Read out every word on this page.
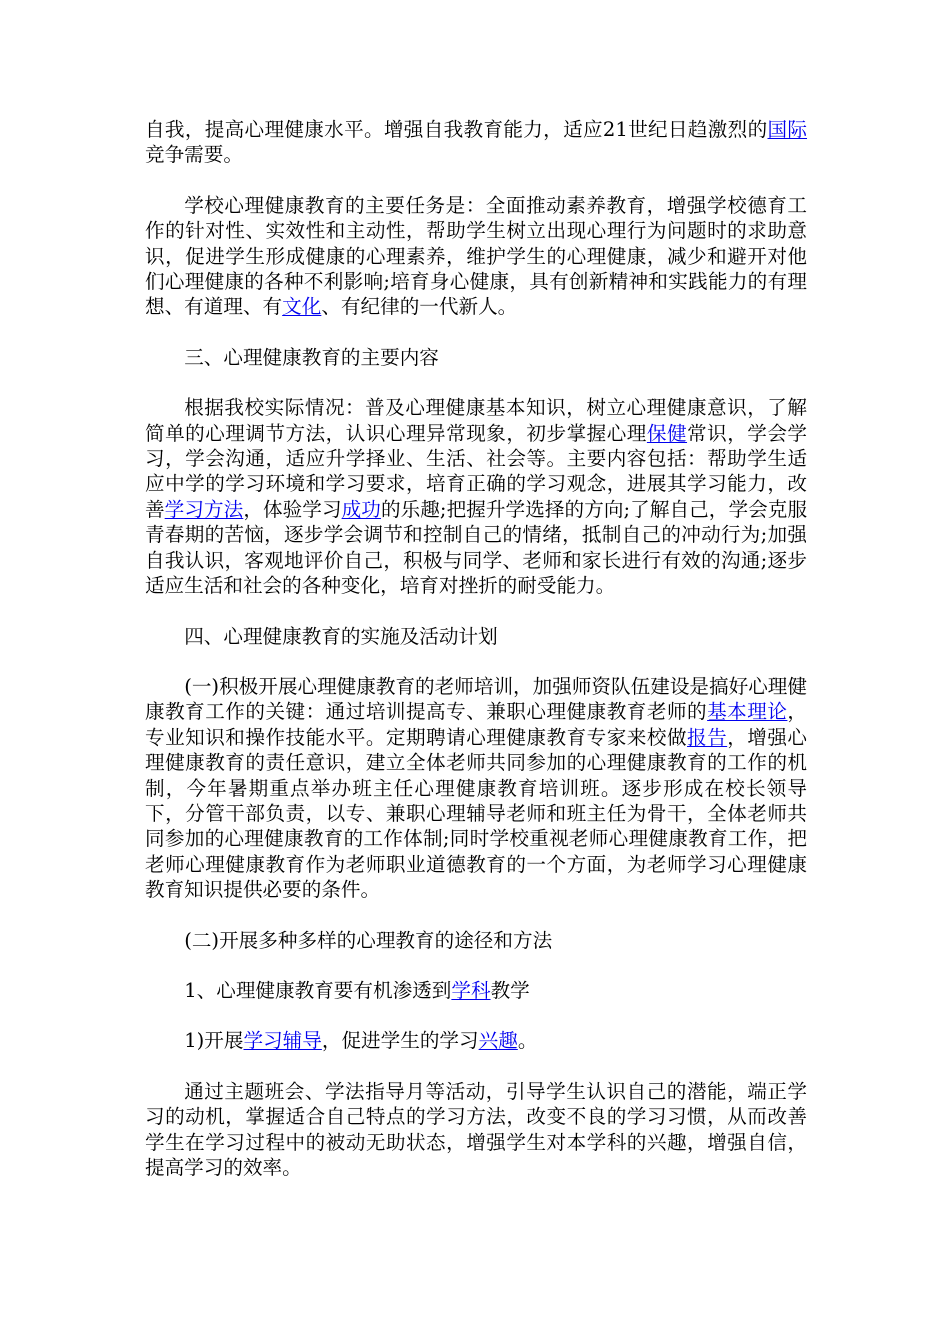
自我，提高心理健康水平。增强自我教育能力，适应21世纪日趋激烈的国际竞争需要。

学校心理健康教育的主要任务是：全面推动素养教育，增强学校德育工作的针对性、实效性和主动性，帮助学生树立出现心理行为问题时的求助意识，促进学生形成健康的心理素养，维护学生的心理健康，减少和避开对他们心理健康的各种不利影响;培育身心健康，具有创新精神和实践能力的有理想、有道理、有文化、有纪律的一代新人。

三、心理健康教育的主要内容

根据我校实际情况：普及心理健康基本知识，树立心理健康意识，了解简单的心理调节方法，认识心理异常现象，初步掌握心理保健常识，学会学习，学会沟通，适应升学择业、生活、社会等。主要内容包括：帮助学生适应中学的学习环境和学习要求，培育正确的学习观念，进展其学习能力，改善学习方法，体验学习成功的乐趣;把握升学选择的方向;了解自己，学会克服青春期的苦恼，逐步学会调节和控制自己的情绪，抵制自己的冲动行为;加强自我认识，客观地评价自己，积极与同学、老师和家长进行有效的沟通;逐步适应生活和社会的各种变化，培育对挫折的耐受能力。

四、心理健康教育的实施及活动计划

(一)积极开展心理健康教育的老师培训，加强师资队伍建设是搞好心理健康教育工作的关键：通过培训提高专、兼职心理健康教育老师的基本理论，专业知识和操作技能水平。定期聘请心理健康教育专家来校做报告，增强心理健康教育的责任意识，建立全体老师共同参加的心理健康教育的工作的机制，今年暑期重点举办班主任心理健康教育培训班。逐步形成在校长领导下，分管干部负责，以专、兼职心理辅导老师和班主任为骨干，全体老师共同参加的心理健康教育的工作体制;同时学校重视老师心理健康教育工作，把老师心理健康教育作为老师职业道德教育的一个方面，为老师学习心理健康教育知识提供必要的条件。

(二)开展多种多样的心理教育的途径和方法

1、心理健康教育要有机渗透到学科教学

1)开展学习辅导，促进学生的学习兴趣。

通过主题班会、学法指导月等活动，引导学生认识自己的潜能，端正学习的动机，掌握适合自己特点的学习方法，改变不良的学习习惯，从而改善学生在学习过程中的被动无助状态，增强学生对本学科的兴趣，增强自信，提高学习的效率。
